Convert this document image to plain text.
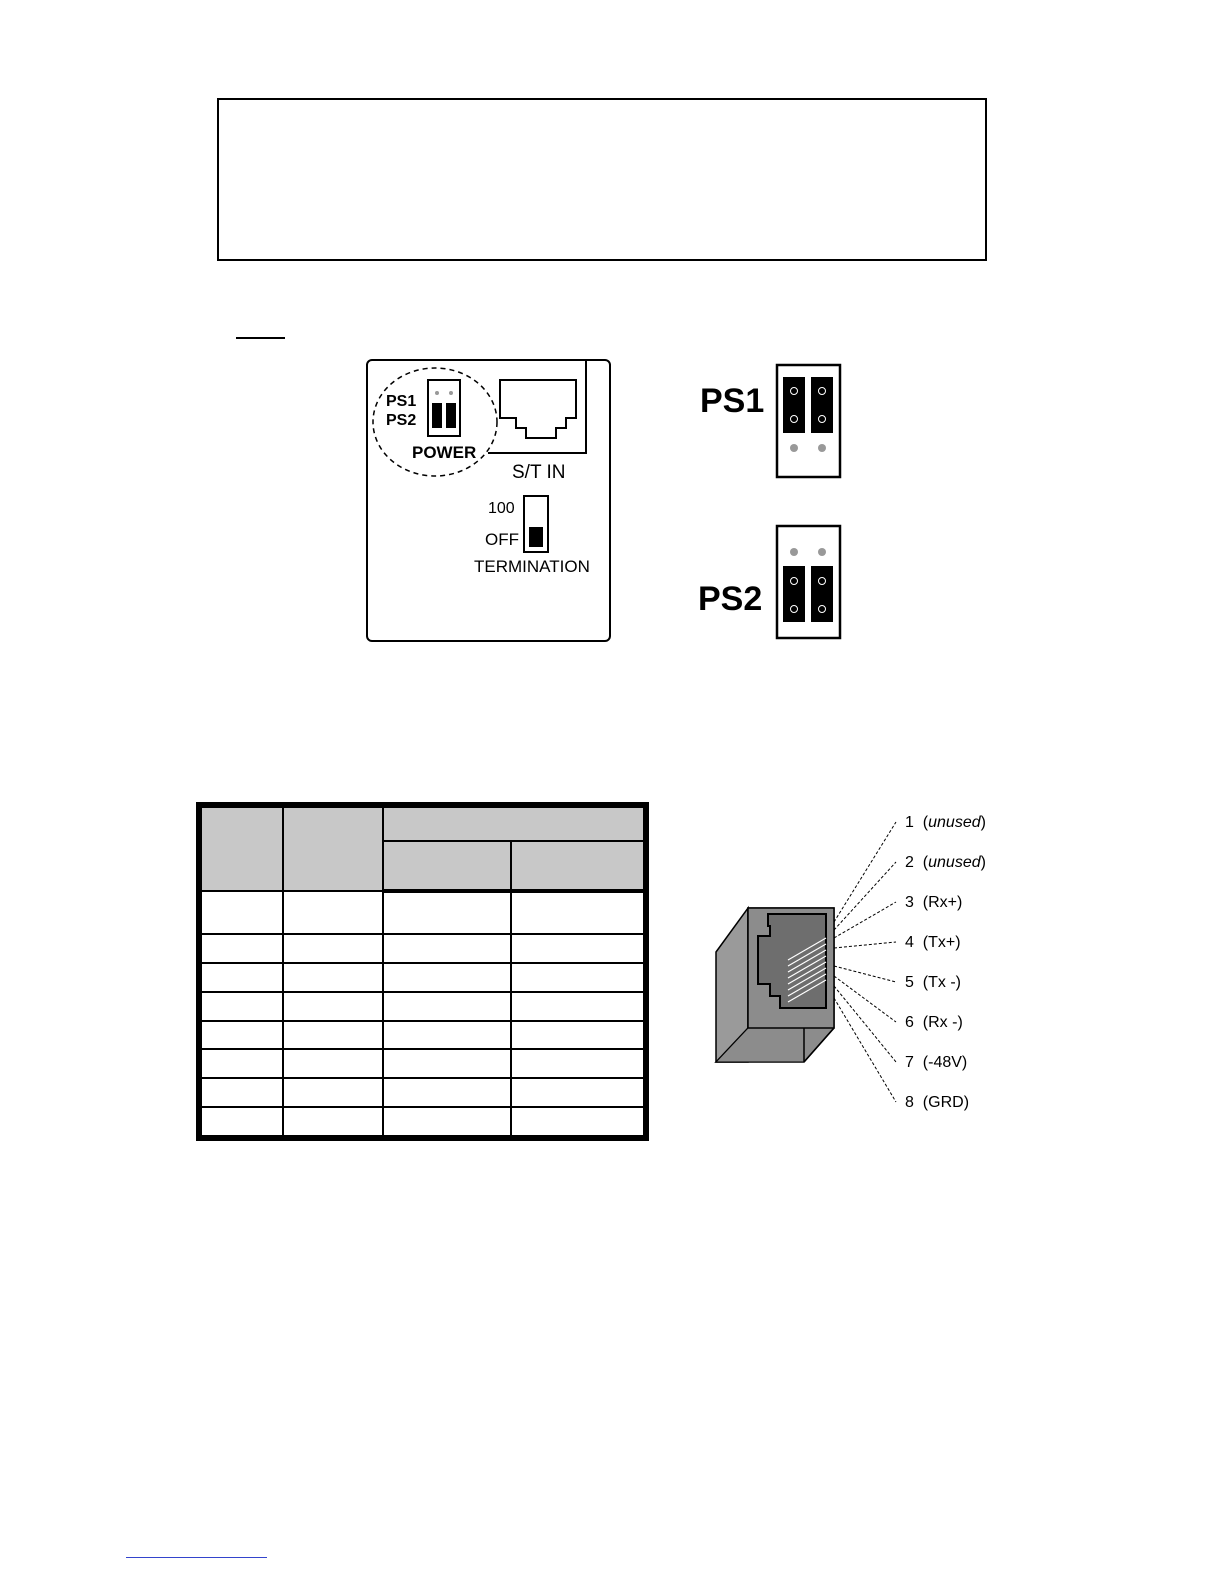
PS1
PS2
POWER
S/T IN
100
OFF
TERMINATION
PS1
PS2

1  (unused)
2  (unused)
3  (Rx+)
4  (Tx+)
5  (Tx -)
6  (Rx -)
7  (-48V)
8  (GRD)
